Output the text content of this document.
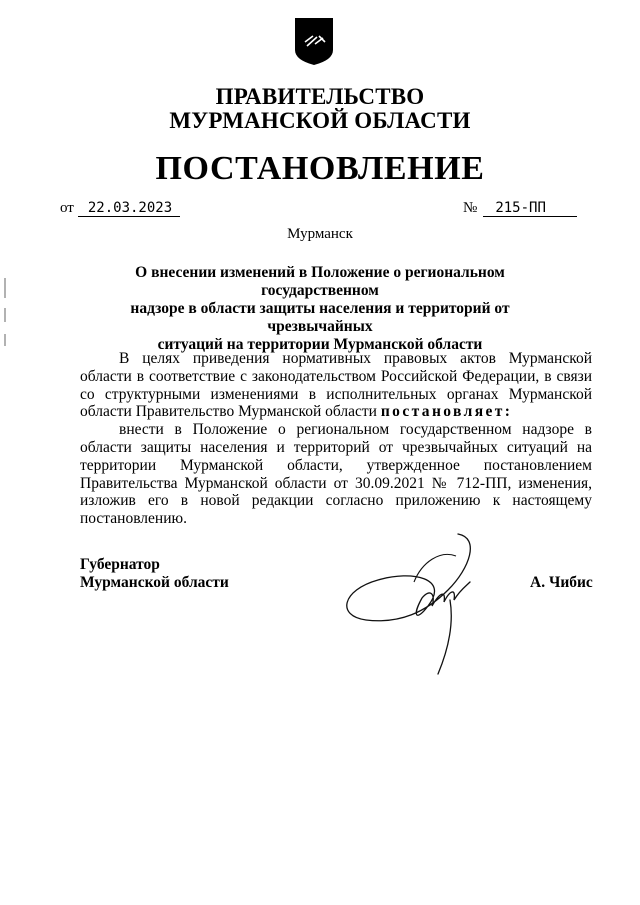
ПРАВИТЕЛЬСТВО
МУРМАНСКОЙ ОБЛАСТИ
ПОСТАНОВЛЕНИЕ
от 22.03.2023	№ 215-ПП
Мурманск
О внесении изменений в Положение о региональном государственном
надзоре в области защиты населения и территорий от чрезвычайных
ситуаций на территории Мурманской области

В целях приведения нормативных правовых актов Мурманской области в соответствие с законодательством Российской Федерации, в связи со структурными изменениями в исполнительных органах Мурманской области Правительство Мурманской области постановляет:

внести в Положение о региональном государственном надзоре в области защиты населения и территорий от чрезвычайных ситуаций на территории Мурманской области, утвержденное постановлением Правительства Мурманской области от 30.09.2021 № 712-ПП, изменения, изложив его в новой редакции согласно приложению к настоящему постановлению.

Губернатор
Мурманской области	А. Чибис
